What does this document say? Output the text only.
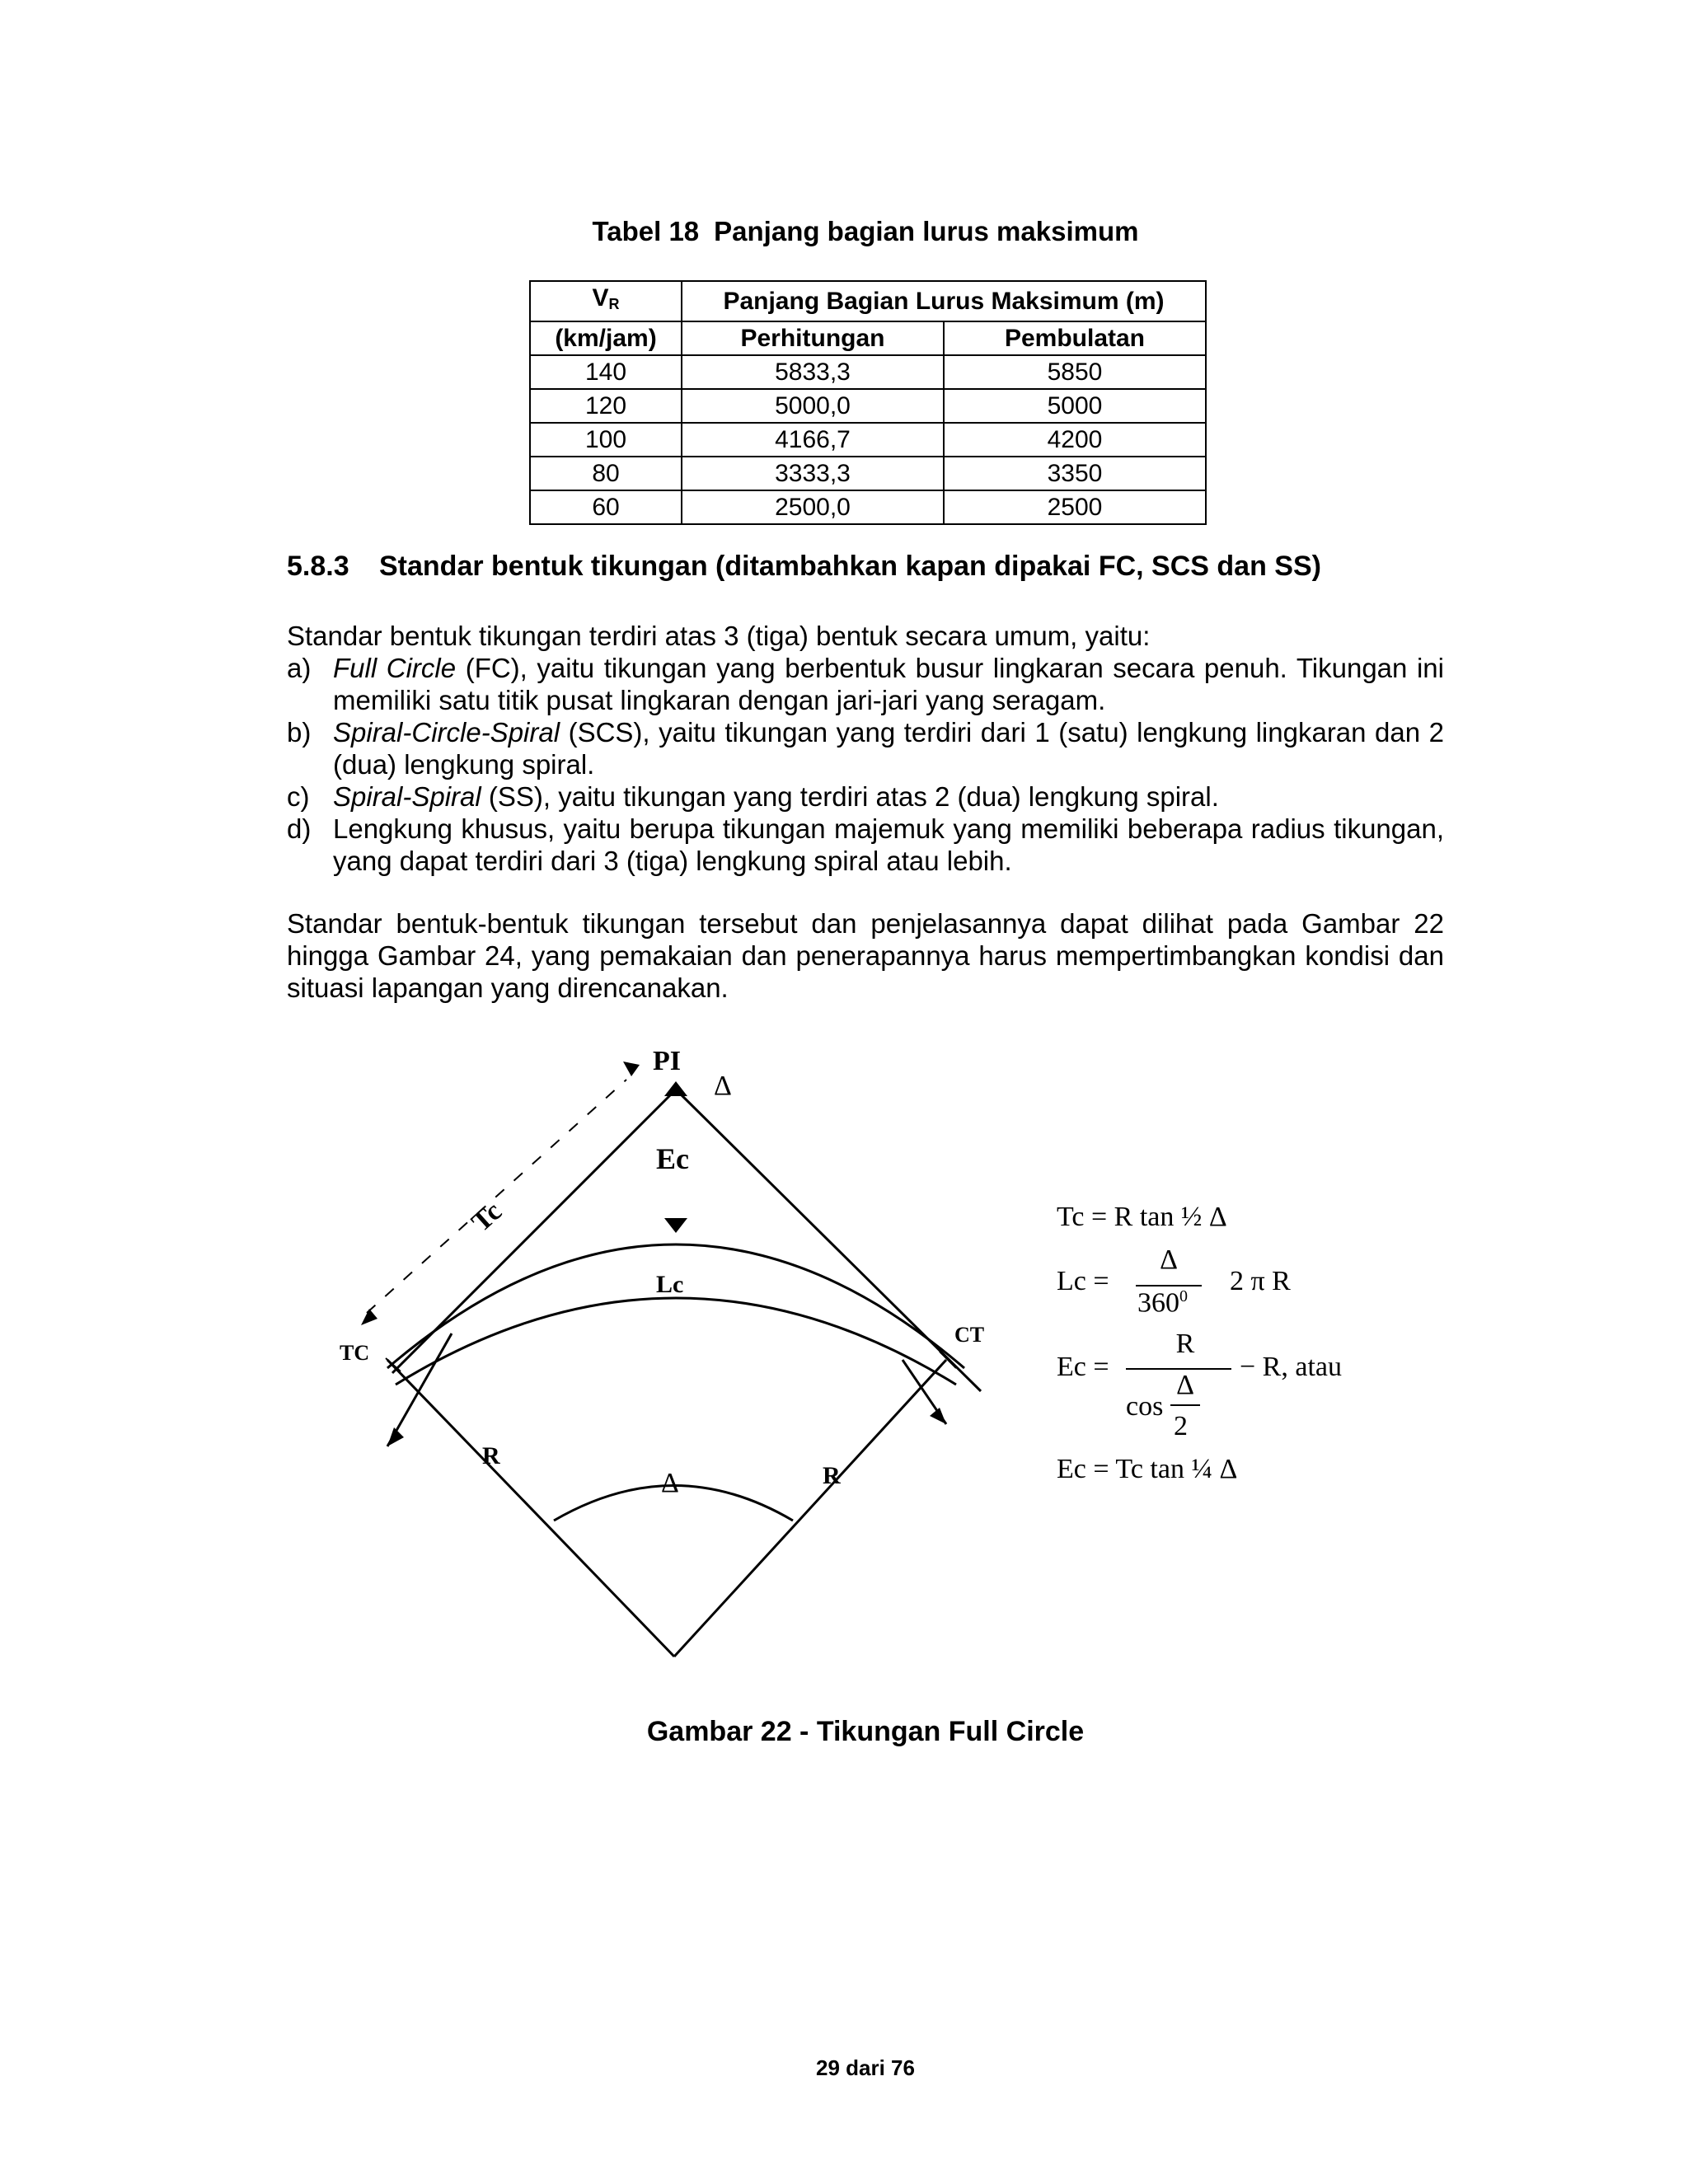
Tabel 18 Panjang bagian lurus maksimum
$V_R$	Panjang Bagian Lurus Maksimum (m)	
(km/jam)	Perhitungan	Pembulatan
140	5833,3	5850
120	5000,0	5000
100	4166,7	4200
80	3333,3	3350
60	2500,0	2500
5.8.3 Standar bentuk tikungan (ditambahkan kapan dipakai FC, SCS dan SS)
Standar bentuk tikungan terdiri atas 3 (tiga) bentuk secara umum, yaitu:
a) Full Circle (FC), yaitu tikungan yang berbentuk busur lingkaran secara penuh. Tikungan ini memiliki satu titik pusat lingkaran dengan jari-jari yang seragam.
b) Spiral-Circle-Spiral (SCS), yaitu tikungan yang terdiri dari 1 (satu) lengkung lingkaran dan 2 (dua) lengkung spiral.
c) Spiral-Spiral (SS), yaitu tikungan yang terdiri atas 2 (dua) lengkung spiral.
d) Lengkung khusus, yaitu berupa tikungan majemuk yang memiliki beberapa radius tikungan, yang dapat terdiri dari 3 (tiga) lengkung spiral atau lebih.
Standar bentuk-bentuk tikungan tersebut dan penjelasannya dapat dilihat pada Gambar 22 hingga Gambar 24, yang pemakaian dan penerapannya harus mempertimbangkan kondisi dan situasi lapangan yang direncanakan.
PI
Δ
Ec
Tc
Lc
TC
CT
R
R
Δ
Tc = R tan ½ Δ
Lc =
Δ
$360^0$ 2 π R
Ec =
R
cos
Δ
2
− R, atau
Ec = Tc tan ¼ Δ
Gambar 22 - Tikungan Full Circle
29 dari 76
